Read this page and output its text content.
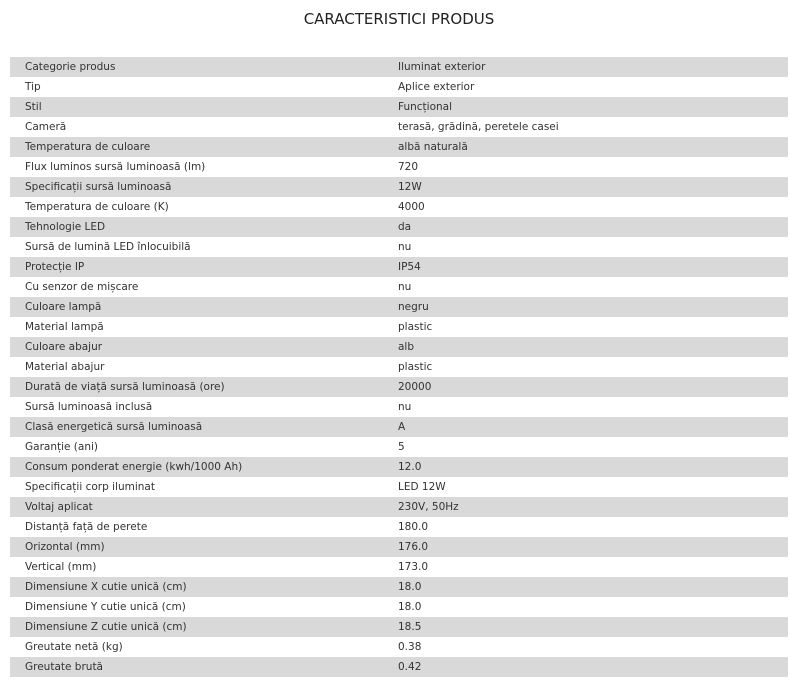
CARACTERISTICI PRODUS
Categorie produs	Iluminat exterior
Tip	Aplice exterior
Stil	Funcțional
Cameră	terasă, grădină, peretele casei
Temperatura de culoare	albă naturală
Flux luminos sursă luminoasă (lm)	720
Specificații sursă luminoasă	12W
Temperatura de culoare (K)	4000
Tehnologie LED	da
Sursă de lumină LED înlocuibilă	nu
Protecție IP	IP54
Cu senzor de mișcare	nu
Culoare lampă	negru
Material lampă	plastic
Culoare abajur	alb
Material abajur	plastic
Durată de viață sursă luminoasă (ore)	20000
Sursă luminoasă inclusă	nu
Clasă energetică sursă luminoasă	A
Garanție (ani)	5
Consum ponderat energie (kwh/1000 Ah)	12.0
Specificații corp iluminat	LED 12W
Voltaj aplicat	230V, 50Hz
Distanță față de perete	180.0
Orizontal (mm)	176.0
Vertical (mm)	173.0
Dimensiune X cutie unică (cm)	18.0
Dimensiune Y cutie unică (cm)	18.0
Dimensiune Z cutie unică (cm)	18.5
Greutate netă (kg)	0.38
Greutate brută	0.42
